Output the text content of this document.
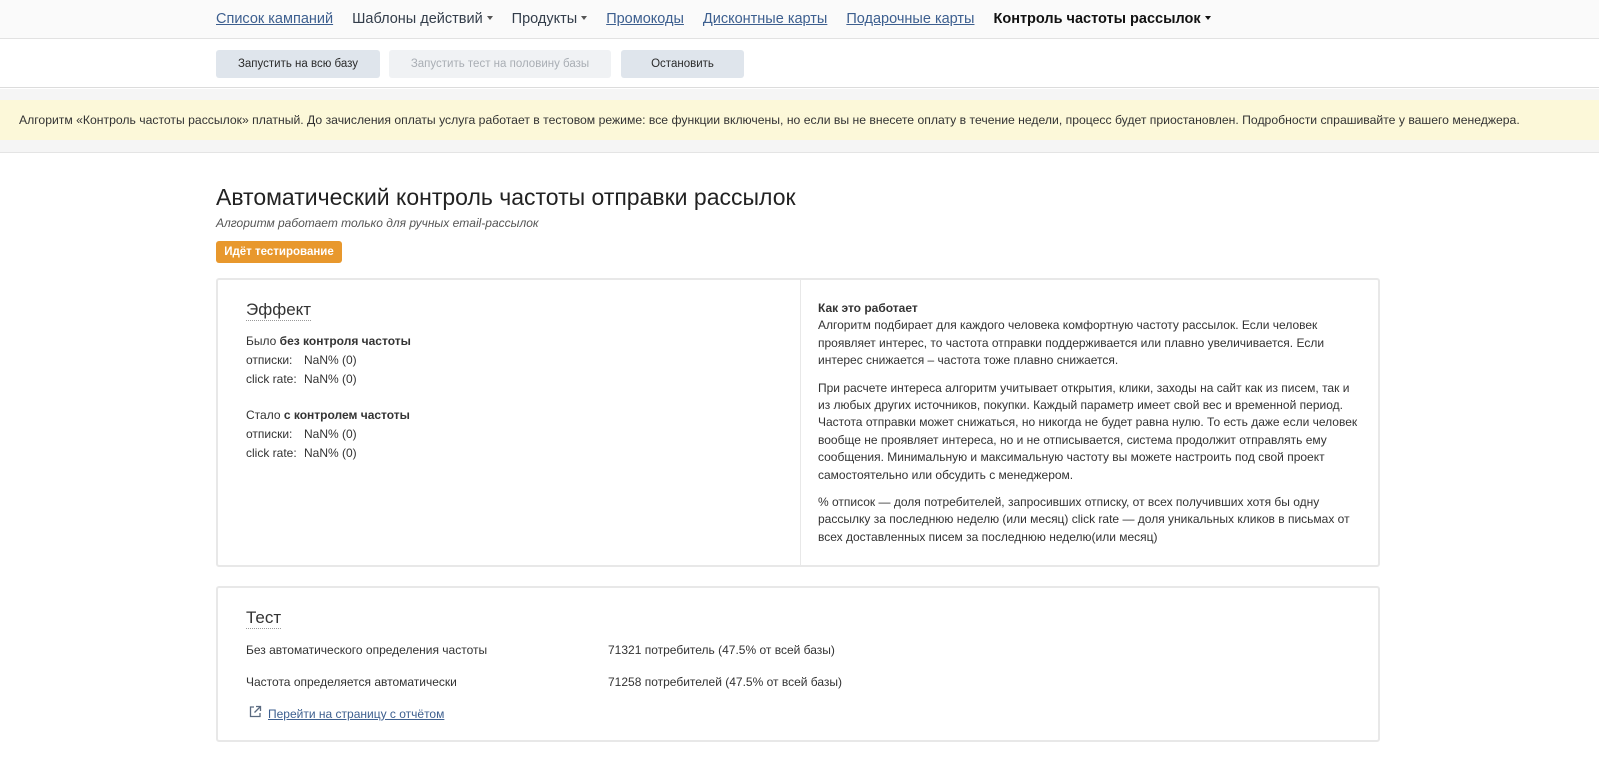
Список кампаний Шаблоны действий	Продукты	Промокоды Дисконтные карты Подарочные карты Контроль частоты рассылок
Запустить на всю базу	Запустить тест на половину базы	Остановить
Алгоритм «Контроль частоты рассылок» платный. До зачисления оплаты услуга работает в тестовом режиме: все функции включены, но если вы не внесете оплату в течение недели, процесс будет приостановлен. Подробности спрашивайте у вашего менеджера.
Автоматический контроль частоты отправки рассылок
Алгоритм работает только для ручных email-рассылок
Идёт тестирование
Эффект
Было без контроля частоты
отписки: NaN% (0)
click rate: NaN% (0)
Стало с контролем частоты
отписки: NaN% (0)
click rate: NaN% (0)
Как это работает

Алгоритм подбирает для каждого человека комфортную частоту рассылок. Если человек проявляет интерес, то частота отправки поддерживается или плавно увеличивается. Если интерес снижается – частота тоже плавно снижается.

При расчете интереса алгоритм учитывает открытия, клики, заходы на сайт как из писем, так и из любых других источников, покупки. Каждый параметр имеет свой вес и временной период. Частота отправки может снижаться, но никогда не будет равна нулю. То есть даже если человек вообще не проявляет интереса, но и не отписывается, система продолжит отправлять ему сообщения. Минимальную и максимальную частоту вы можете настроить под свой проект самостоятельно или обсудить с менеджером.

% отписок — доля потребителей, запросивших отписку, от всех получивших хотя бы одну рассылку за последнюю неделю (или месяц) click rate — доля уникальных кликов в письмах от всех доставленных писем за последнюю неделю(или месяц)

Тест
Без автоматического определения частоты	71321 потребитель (47.5% от всей базы)
Частота определяется автоматически	71258 потребителей (47.5% от всей базы)
Перейти на страницу с отчётом
